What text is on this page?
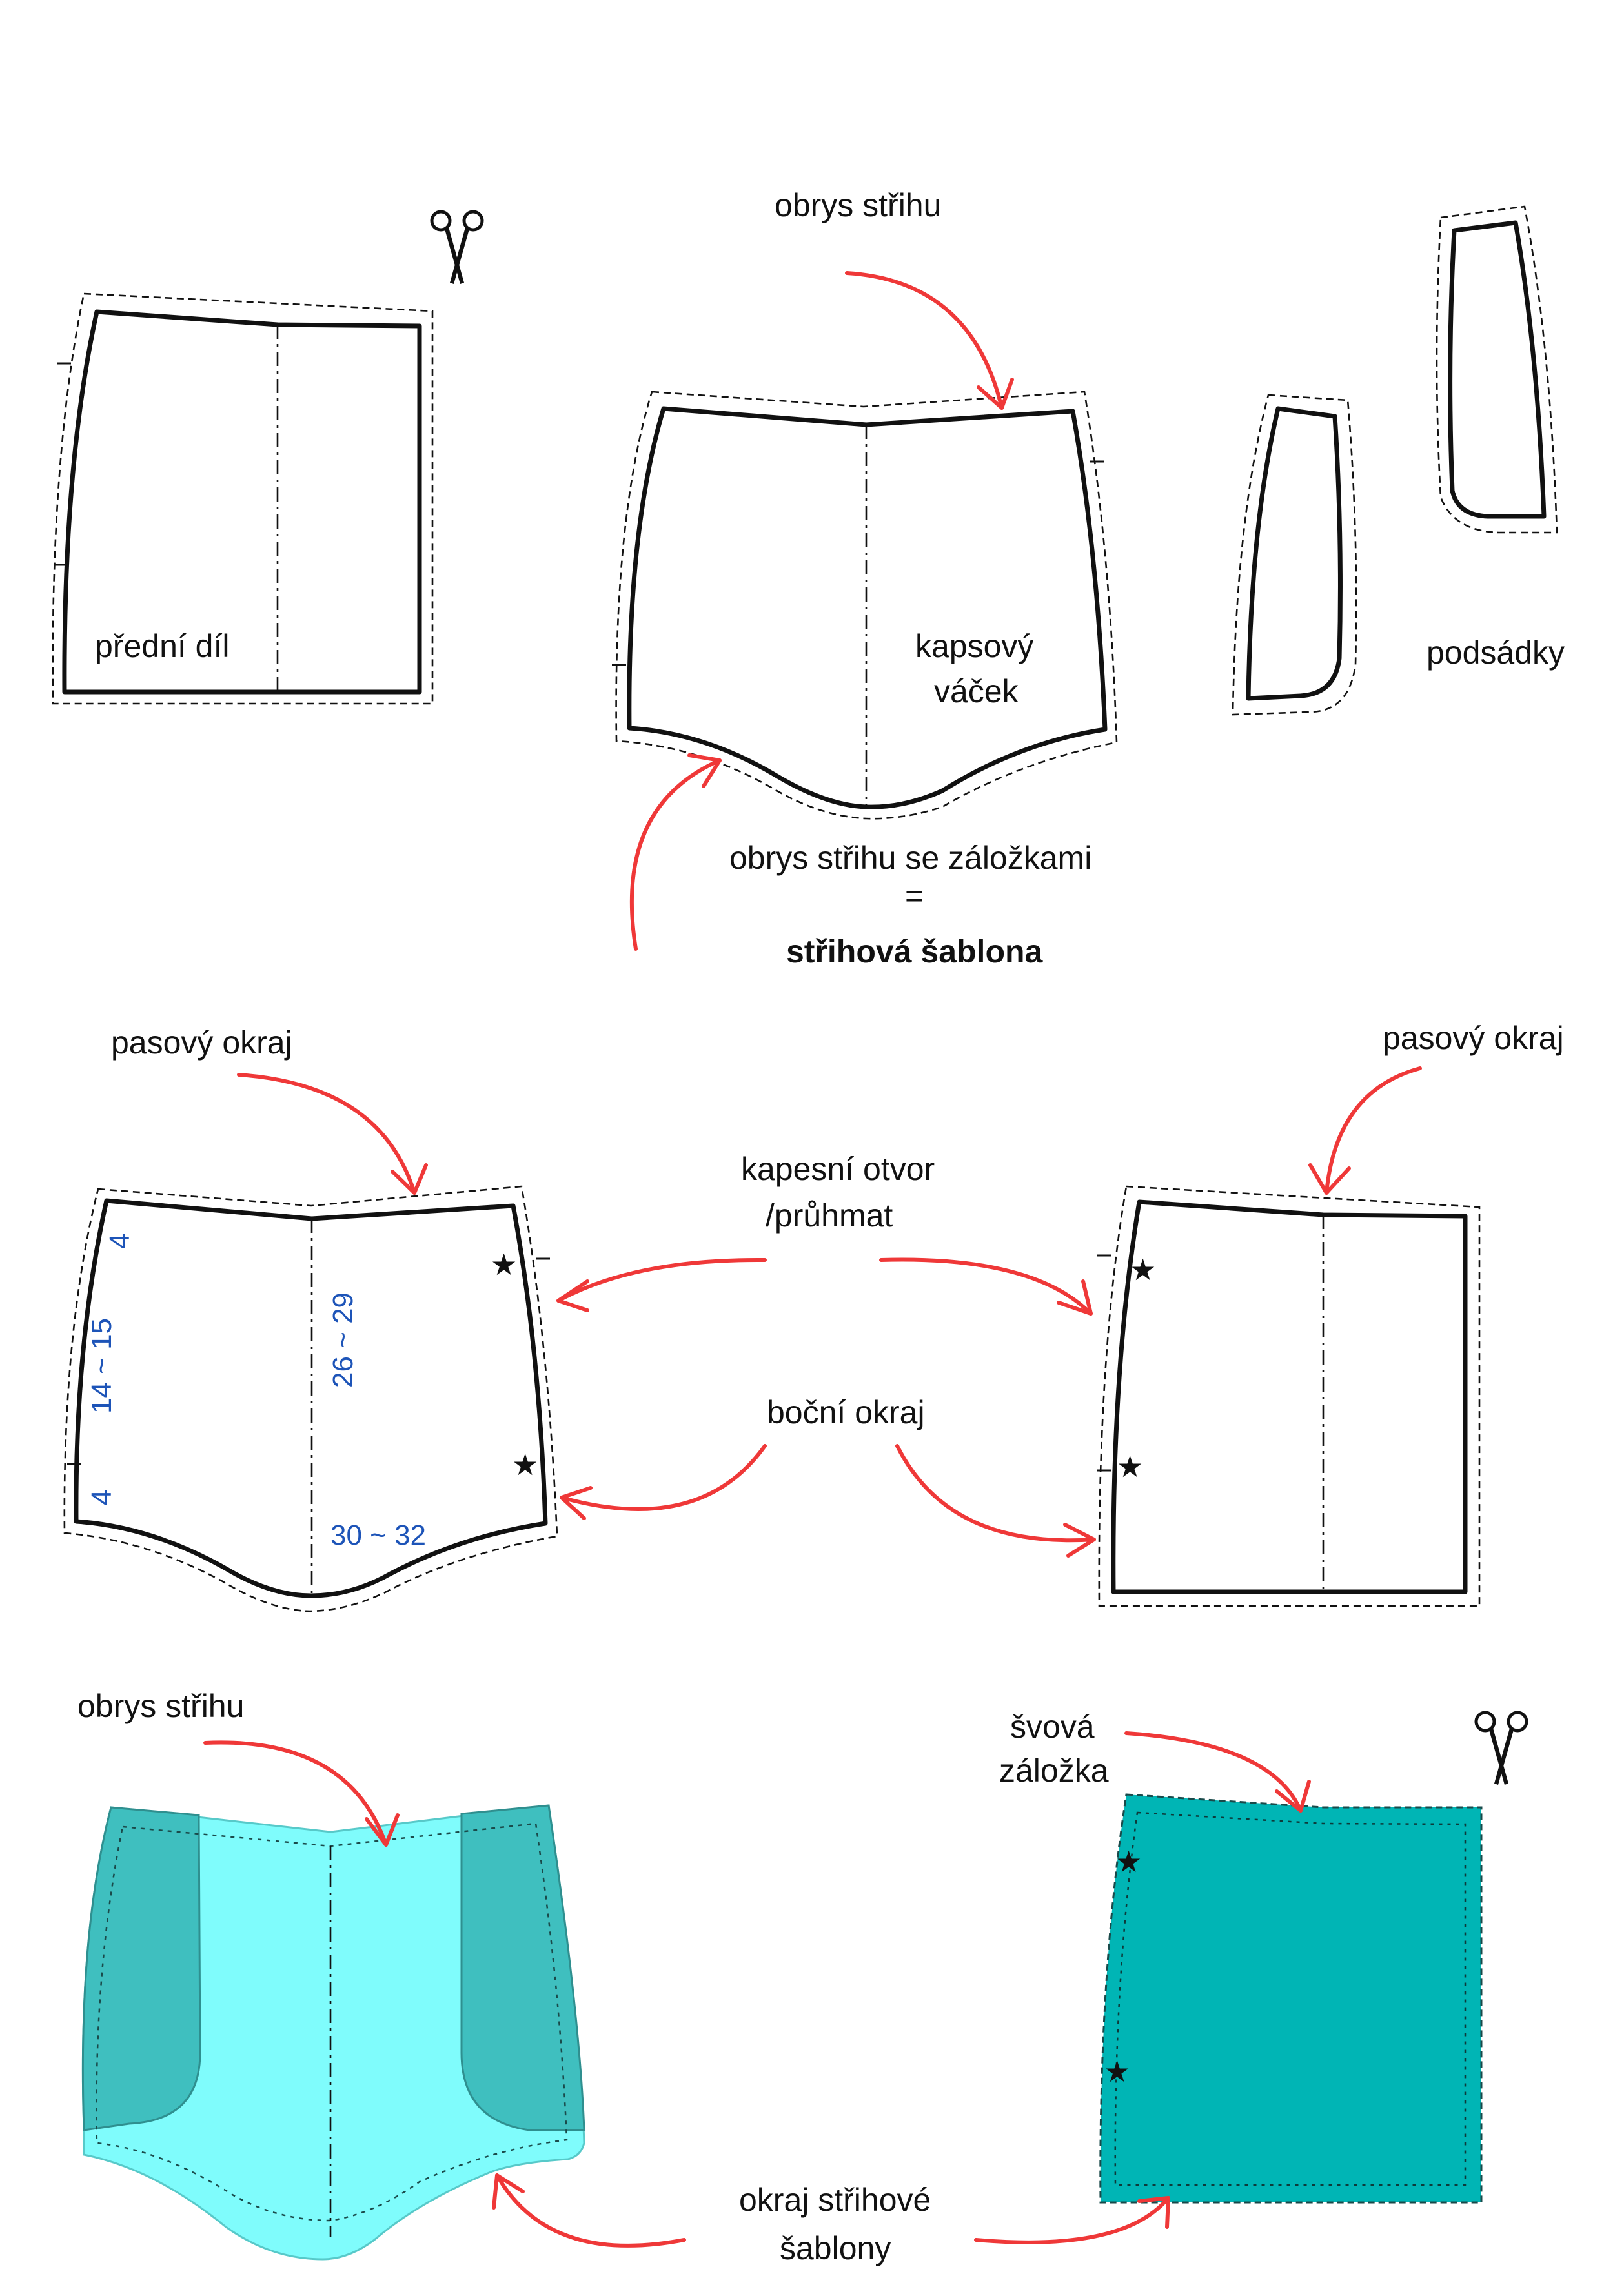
přední díl	kapsový
váček
podsádky
obrys střihu
obrys střihu se záložkami
=
střihová šablona
★
★
4
14 ~ 15
4
26 ~ 29
30 ~ 32
★
★
pasový okraj	pasový okraj
kapesní otvor
/průhmat
boční okraj
★
★
obrys střihu
švová
záložka
okraj střihové
šablony
